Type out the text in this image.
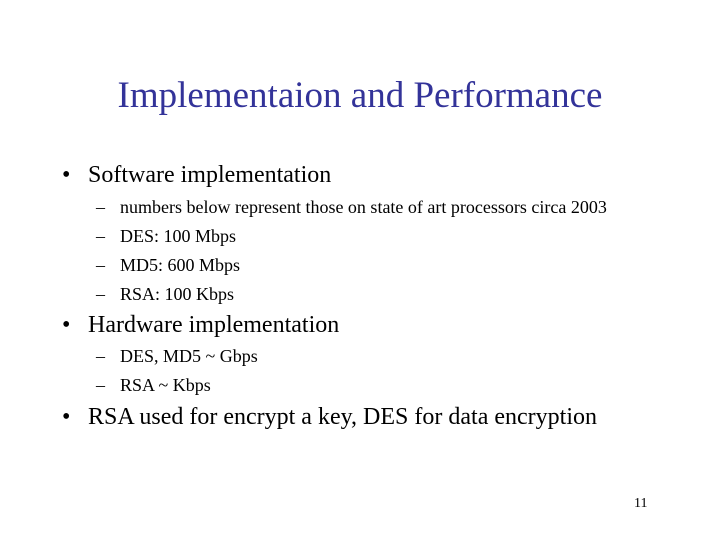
Implementaion and Performance
• Software implementation
– numbers below represent those on state of art processors circa 2003
– DES: 100 Mbps
– MD5: 600 Mbps
– RSA: 100 Kbps
• Hardware implementation
– DES, MD5 ~ Gbps
– RSA ~ Kbps
• RSA used for encrypt a key, DES for data encryption
11
